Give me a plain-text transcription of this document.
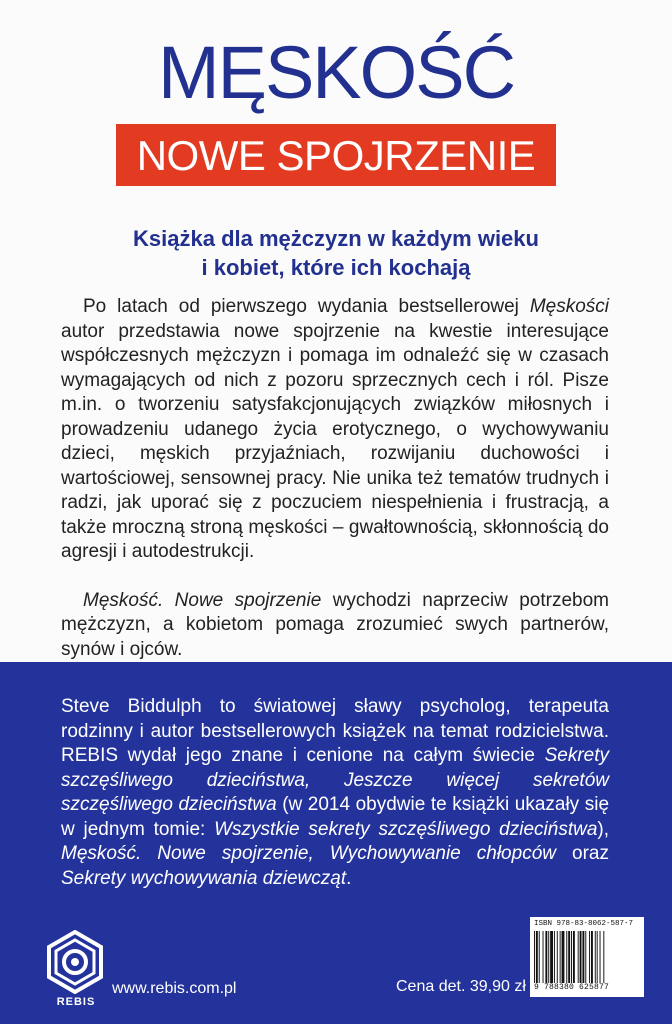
MĘSKOŚĆ
NOWE SPOJRZENIE
Książka dla mężczyzn w każdym wieku
i kobiet, które ich kochają

Po latach od pierwszego wydania bestsellerowej Męskości autor przedstawia nowe spojrzenie na kwestie interesujące współczesnych mężczyzn i pomaga im odnaleźć się w czasach wymagających od nich z pozoru sprzecznych cech i ról. Pisze m.in. o tworzeniu satysfakcjonujących związków miłosnych i prowadzeniu udanego życia erotycznego, o wychowywaniu dzieci, męskich przyjaźniach, rozwijaniu duchowości i wartościowej, sensownej pracy. Nie unika też tematów trudnych i radzi, jak uporać się z poczuciem niespełnienia i frustracją, a także mroczną stroną męskości – gwałtownością, skłonnością do agresji i autodestrukcji.

Męskość. Nowe spojrzenie wychodzi naprzeciw potrzebom mężczyzn, a kobietom pomaga zrozumieć swych partnerów, synów i ojców.

Steve Biddulph to światowej sławy psycholog, terapeuta rodzinny i autor bestsellerowych książek na temat rodzicielstwa. REBIS wydał jego znane i cenione na całym świecie Sekrety szczęśliwego dzieciństwa, Jeszcze więcej sekretów szczęśliwego dzieciństwa (w 2014 obydwie te książki ukazały się w jednym tomie: Wszystkie sekrety szczęśliwego dzieciństwa), Męskość. Nowe spojrzenie, Wychowywanie chłopców oraz Sekrety wychowywania dziewcząt.

REBIS
www.rebis.com.pl	Cena det. 39,90 zł
ISBN 978-83-8062-587-7
9 788380 625877
